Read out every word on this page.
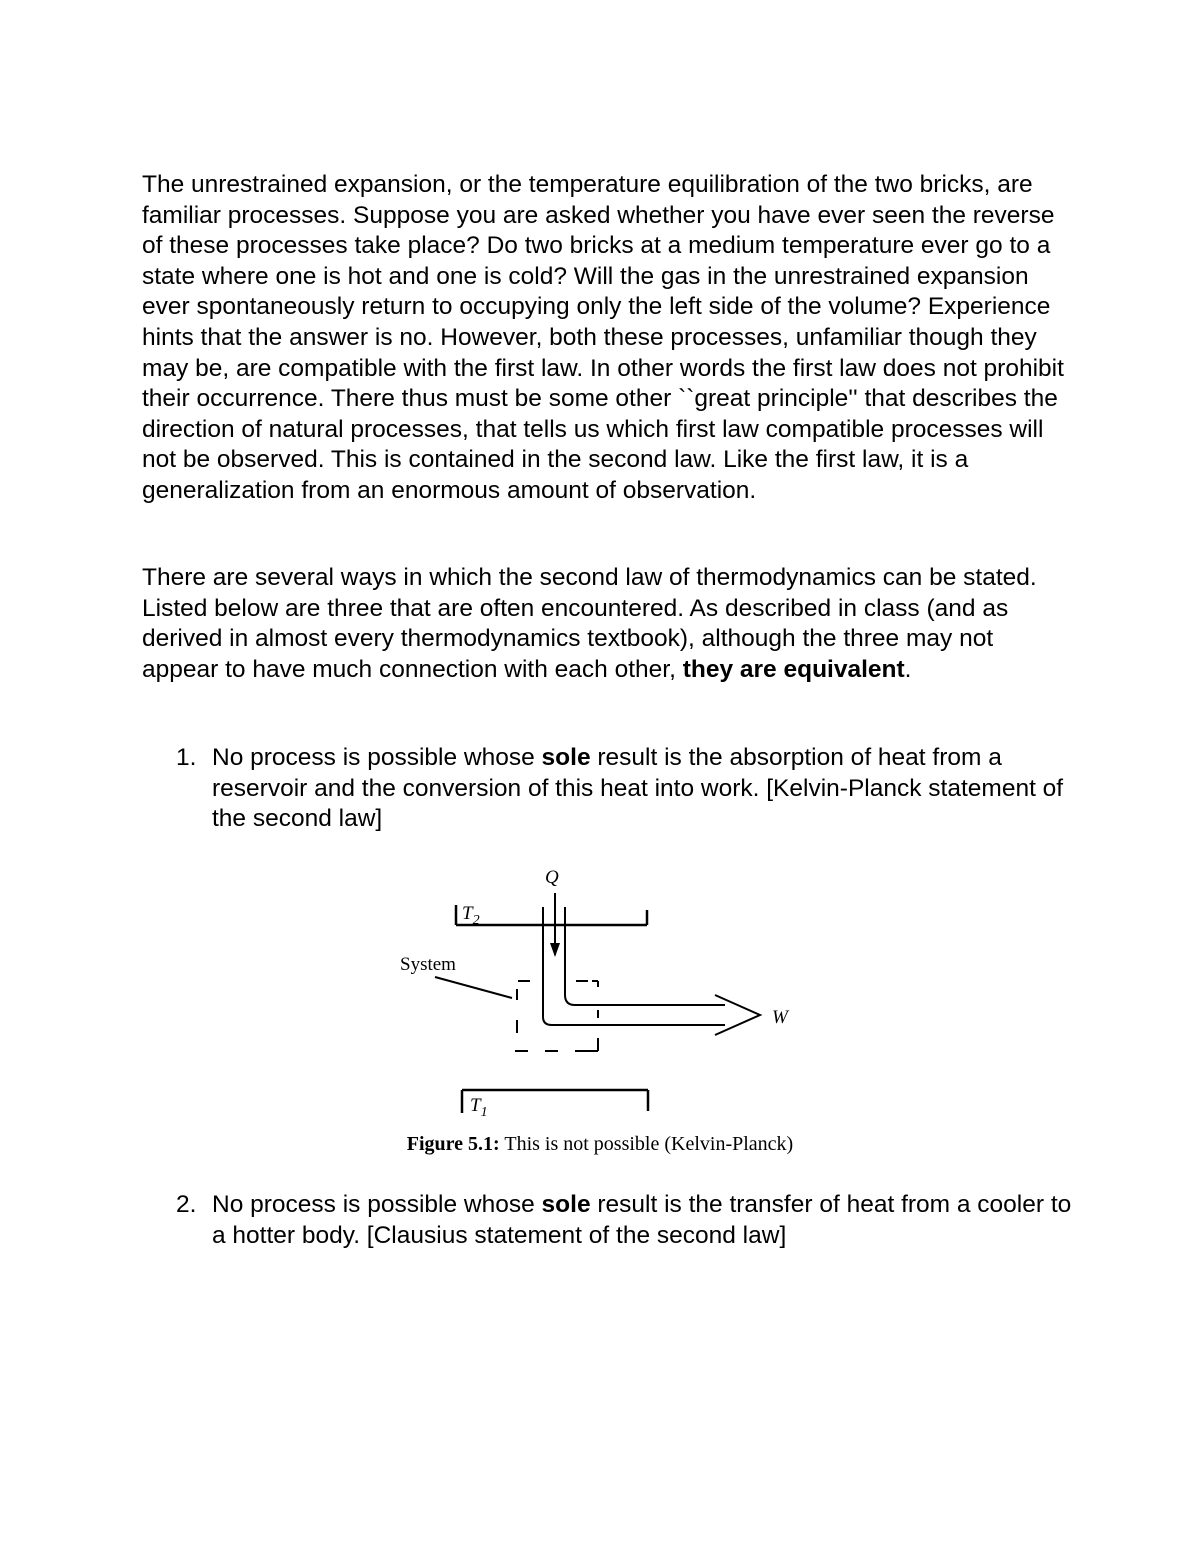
The unrestrained expansion, or the temperature equilibration of the two bricks, are familiar processes. Suppose you are asked whether you have ever seen the reverse of these processes take place? Do two bricks at a medium temperature ever go to a state where one is hot and one is cold? Will the gas in the unrestrained expansion ever spontaneously return to occupying only the left side of the volume? Experience hints that the answer is no. However, both these processes, unfamiliar though they may be, are compatible with the first law. In other words the first law does not prohibit their occurrence. There thus must be some other ``great principle'' that describes the direction of natural processes, that tells us which first law compatible processes will not be observed. This is contained in the second law. Like the first law, it is a generalization from an enormous amount of observation.

There are several ways in which the second law of thermodynamics can be stated. Listed below are three that are often encountered. As described in class (and as derived in almost every thermodynamics textbook), although the three may not appear to have much connection with each other, they are equivalent.

1. No process is possible whose sole result is the absorption of heat from a reservoir and the conversion of this heat into work. [Kelvin-Planck statement of the second law]
$T_2$
Q
W
System
$T_1$
Figure 5.1: This is not possible (Kelvin-Planck)
2. No process is possible whose sole result is the transfer of heat from a cooler to a hotter body. [Clausius statement of the second law]
